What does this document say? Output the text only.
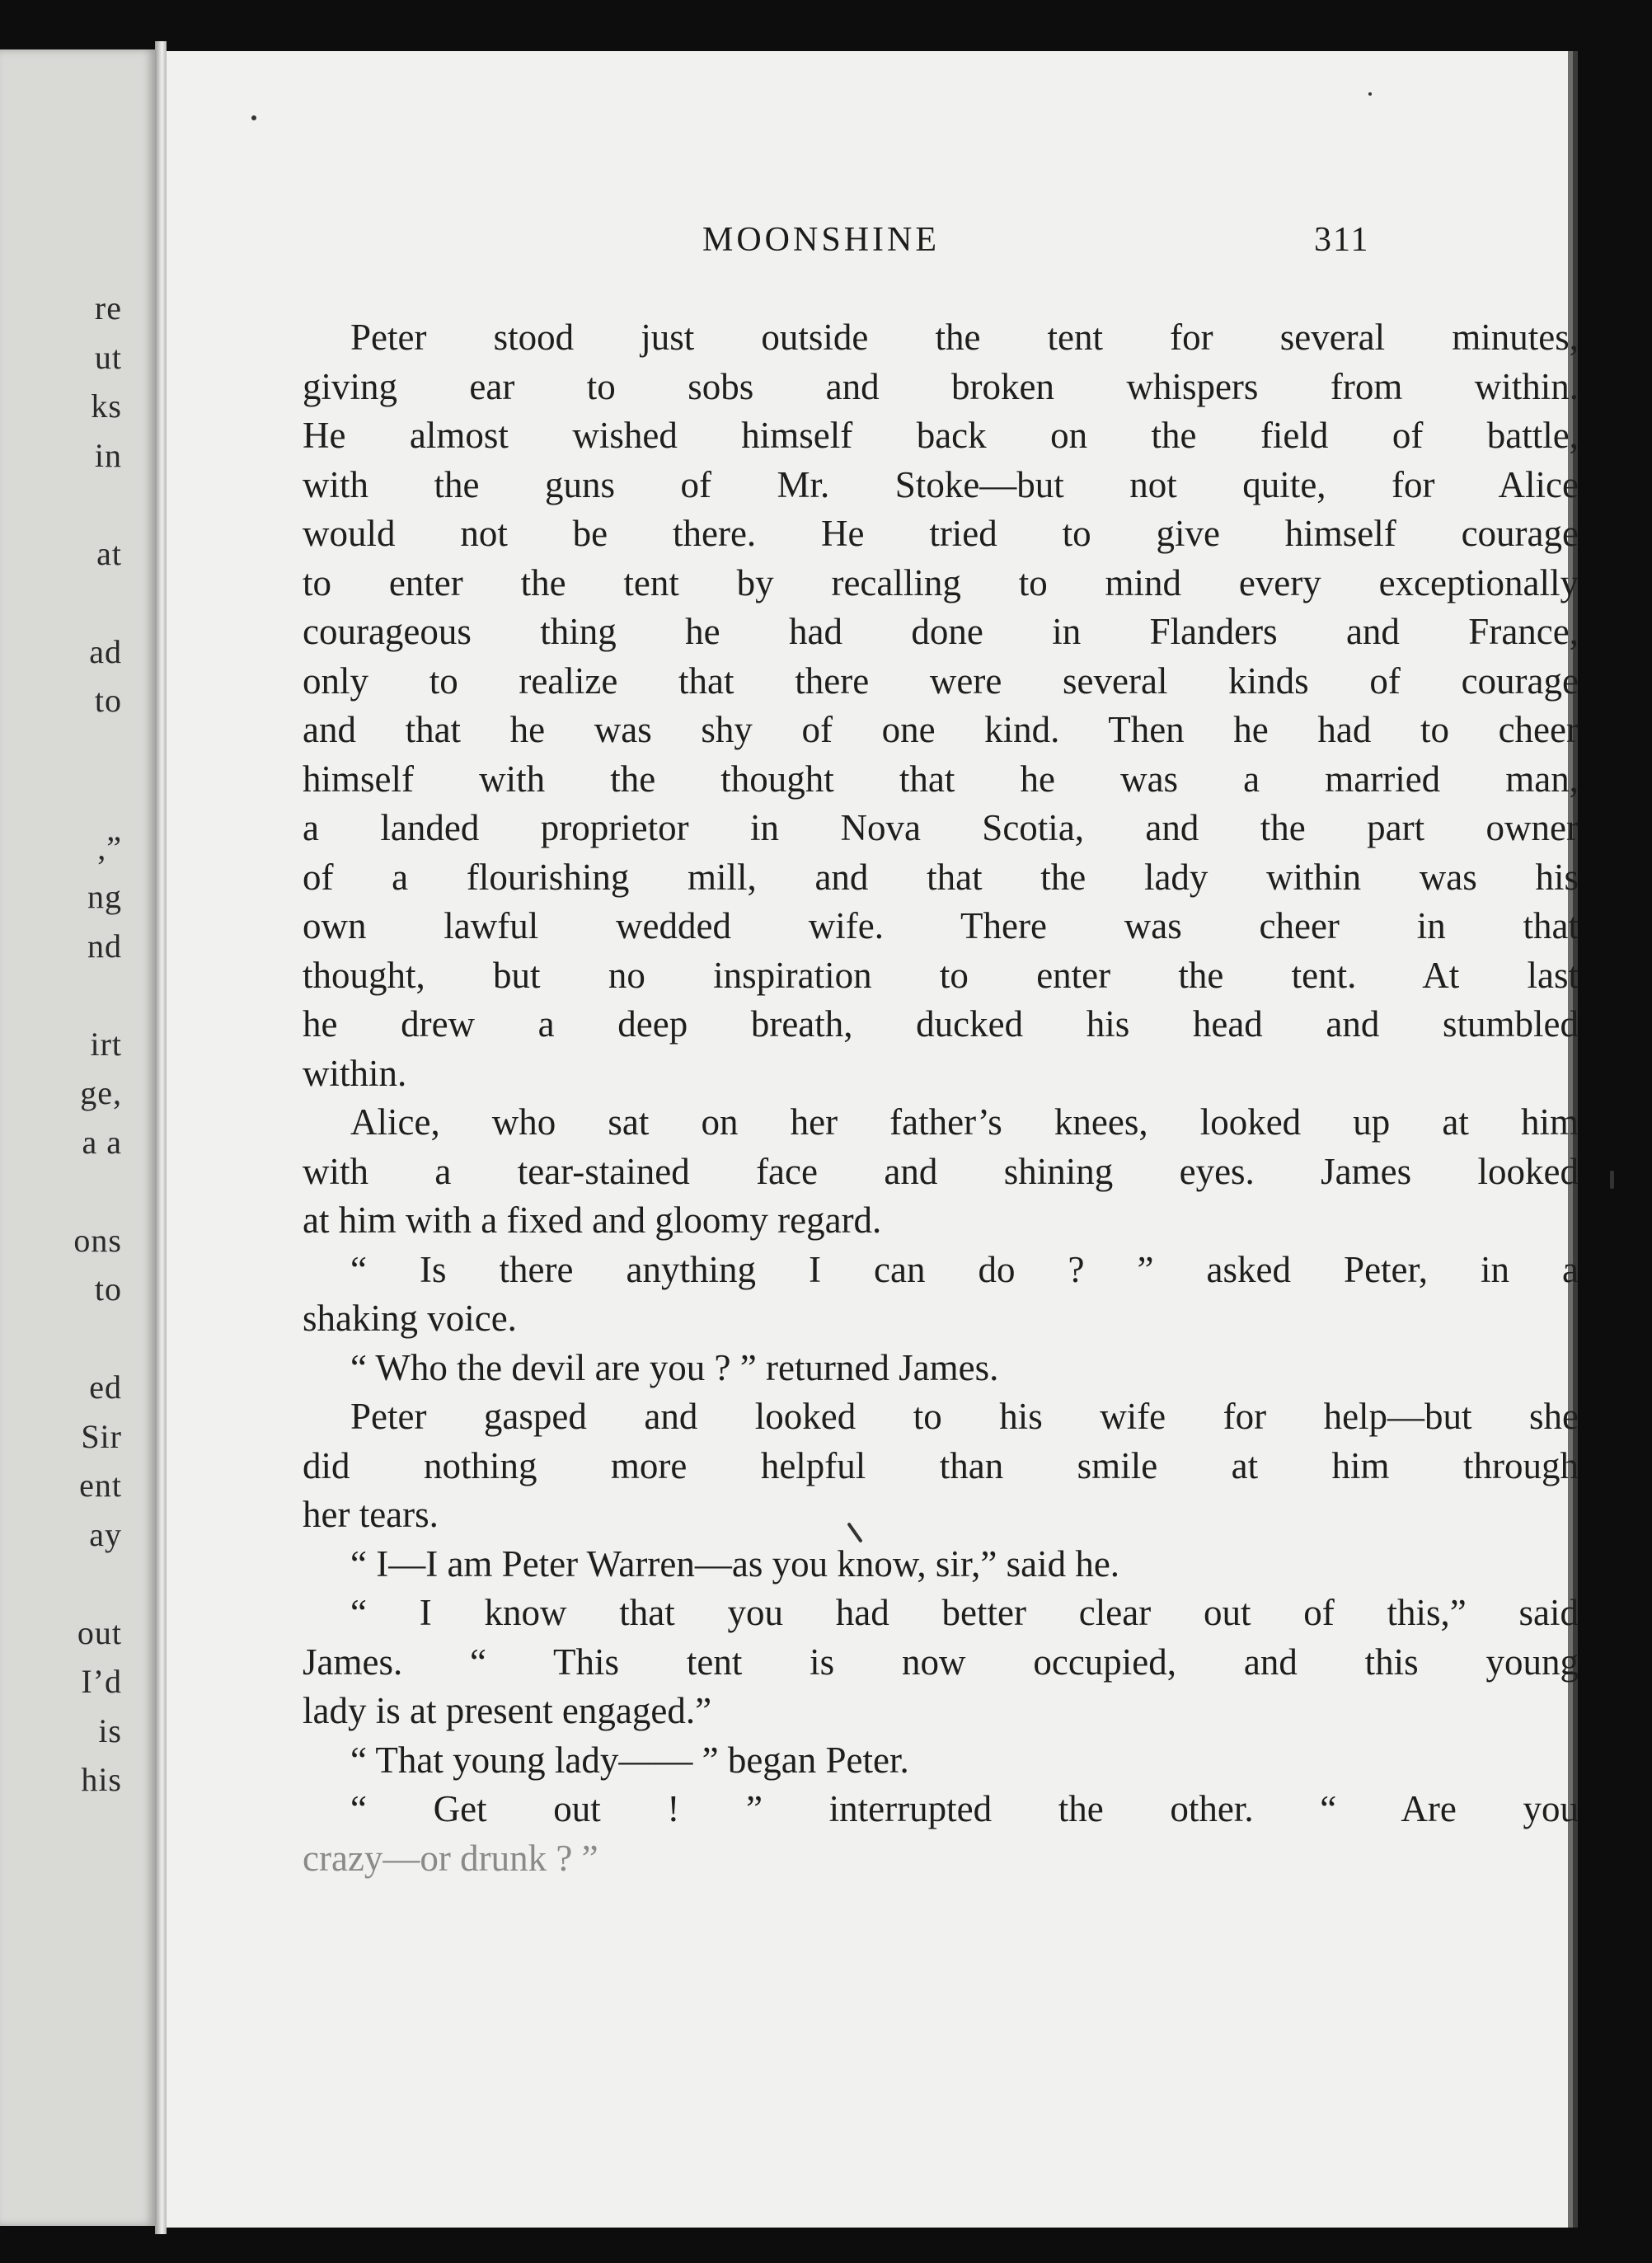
re
ut
ks
in
at
ad
to
,”
ng
nd
irt
ge,
a a
ons
to
ed
Sir
ent
ay
out
I’d
is
his
MOONSHINE	311
Peter stood just outside the tent for several minutes,
giving ear to sobs and broken whispers from within.
He almost wished himself back on the field of battle,
with the guns of Mr. Stoke—but not quite, for Alice
would not be there. He tried to give himself courage
to enter the tent by recalling to mind every exceptionally
courageous thing he had done in Flanders and France,
only to realize that there were several kinds of courage
and that he was shy of one kind. Then he had to cheer
himself with the thought that he was a married man,
a landed proprietor in Nova Scotia, and the part owner
of a flourishing mill, and that the lady within was his
own lawful wedded wife. There was cheer in that
thought, but no inspiration to enter the tent. At last
he drew a deep breath, ducked his head and stumbled
within.
Alice, who sat on her father’s knees, looked up at him
with a tear-stained face and shining eyes. James looked
at him with a fixed and gloomy regard.
“ Is there anything I can do ? ” asked Peter, in a
shaking voice.
“ Who the devil are you ? ” returned James.
Peter gasped and looked to his wife for help—but she
did nothing more helpful than smile at him through
her tears.
“ I—I am Peter Warren—as you know, sir,” said he.
“ I know that you had better clear out of this,” said
James. “ This tent is now occupied, and this young
lady is at present engaged.”
“ That young lady—— ” began Peter.
“ Get out ! ” interrupted the other. “ Are you
crazy—or drunk ? ”
